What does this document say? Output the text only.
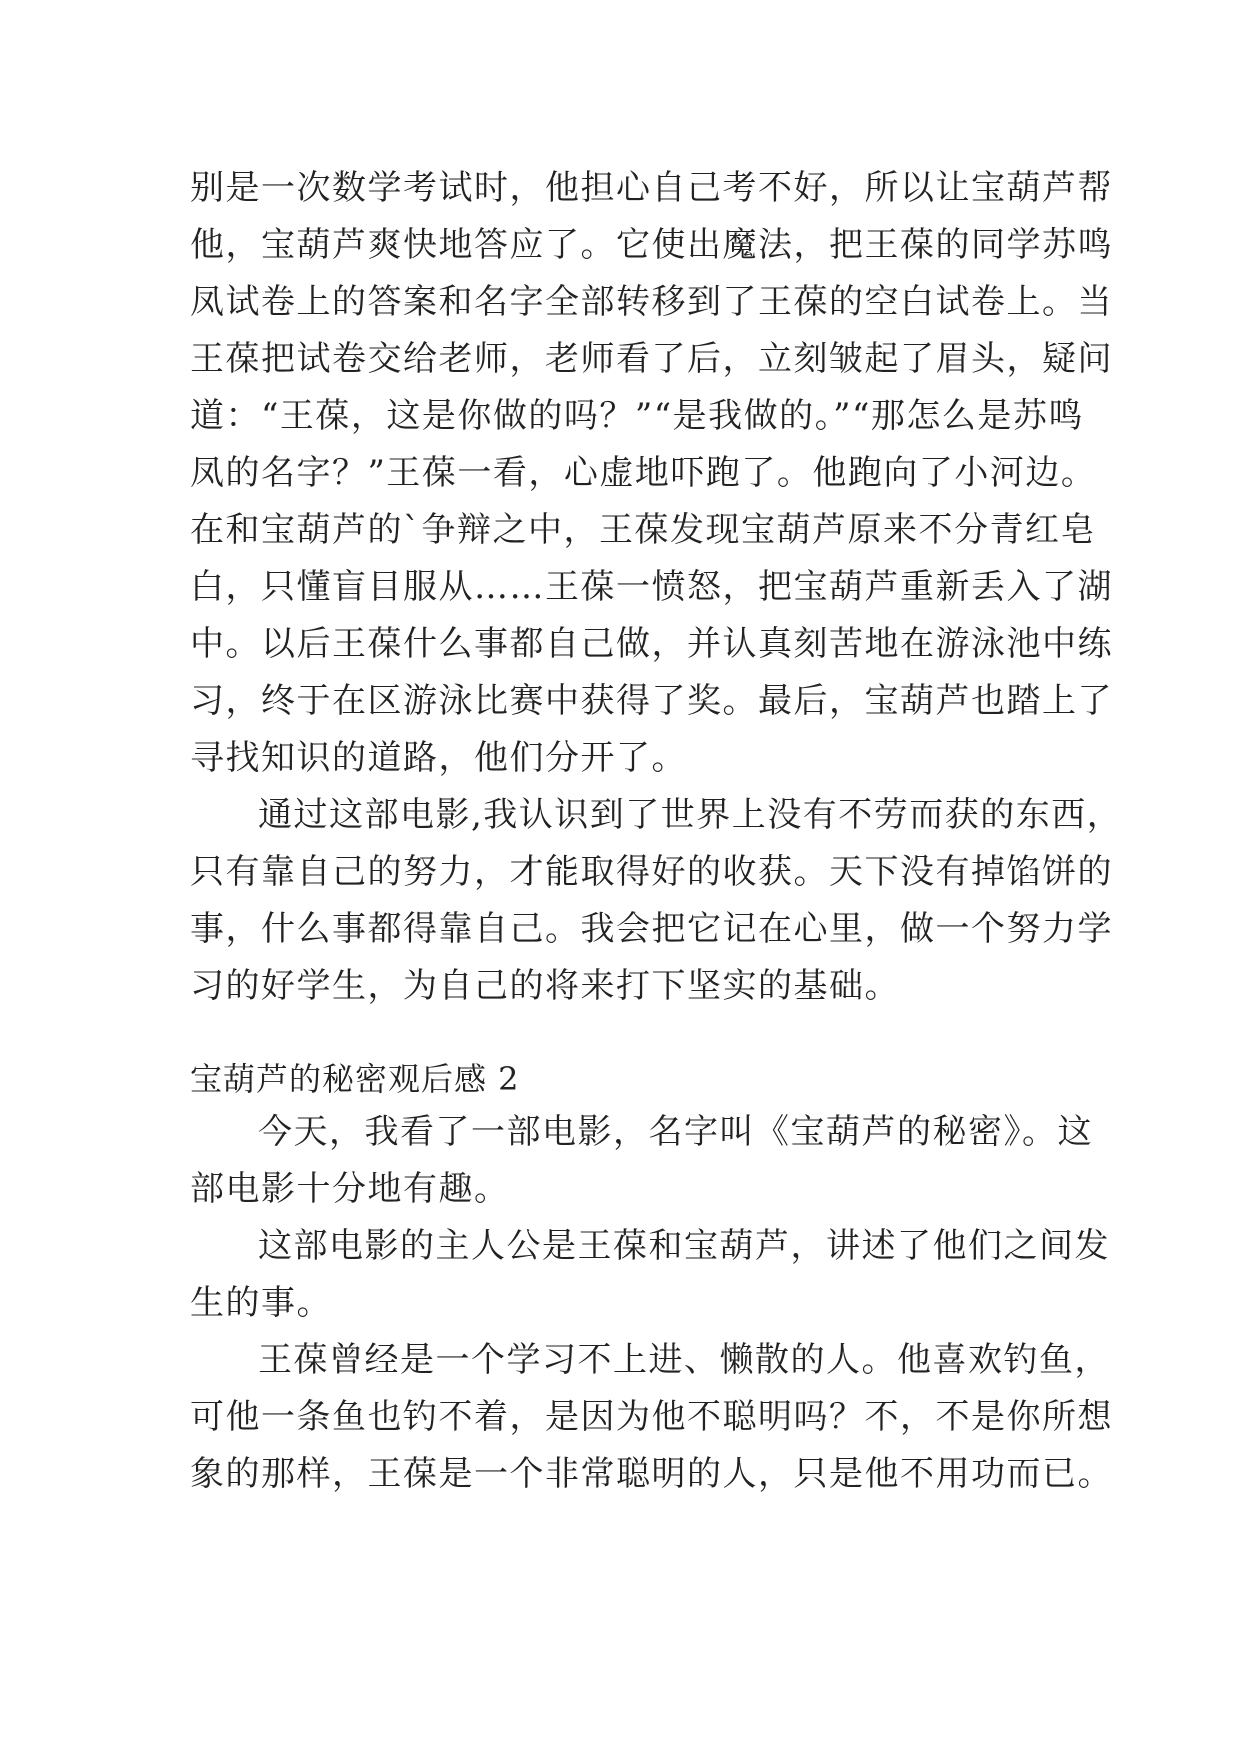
别是一次数学考试时，他担心自己考不好，所以让宝葫芦帮
他，宝葫芦爽快地答应了。它使出魔法，把王葆的同学苏鸣
凤试卷上的答案和名字全部转移到了王葆的空白试卷上。当
王葆把试卷交给老师，老师看了后，立刻皱起了眉头，疑问
道：“王葆，这是你做的吗？”“是我做的。”“那怎么是苏鸣
凤的名字？”王葆一看，心虚地吓跑了。他跑向了小河边。
在和宝葫芦的`争辩之中，王葆发现宝葫芦原来不分青红皂
白，只懂盲目服从……王葆一愤怒，把宝葫芦重新丢入了湖
中。以后王葆什么事都自己做，并认真刻苦地在游泳池中练
习，终于在区游泳比赛中获得了奖。最后，宝葫芦也踏上了
寻找知识的道路，他们分开了。
通过这部电影,我认识到了世界上没有不劳而获的东西，
只有靠自己的努力，才能取得好的收获。天下没有掉馅饼的
事，什么事都得靠自己。我会把它记在心里，做一个努力学
习的好学生，为自己的将来打下坚实的基础。
宝葫芦的秘密观后感 2
今天，我看了一部电影，名字叫《宝葫芦的秘密》。这
部电影十分地有趣。
这部电影的主人公是王葆和宝葫芦，讲述了他们之间发
生的事。
王葆曾经是一个学习不上进、懒散的人。他喜欢钓鱼，
可他一条鱼也钓不着，是因为他不聪明吗？不，不是你所想
象的那样，王葆是一个非常聪明的人，只是他不用功而已。
